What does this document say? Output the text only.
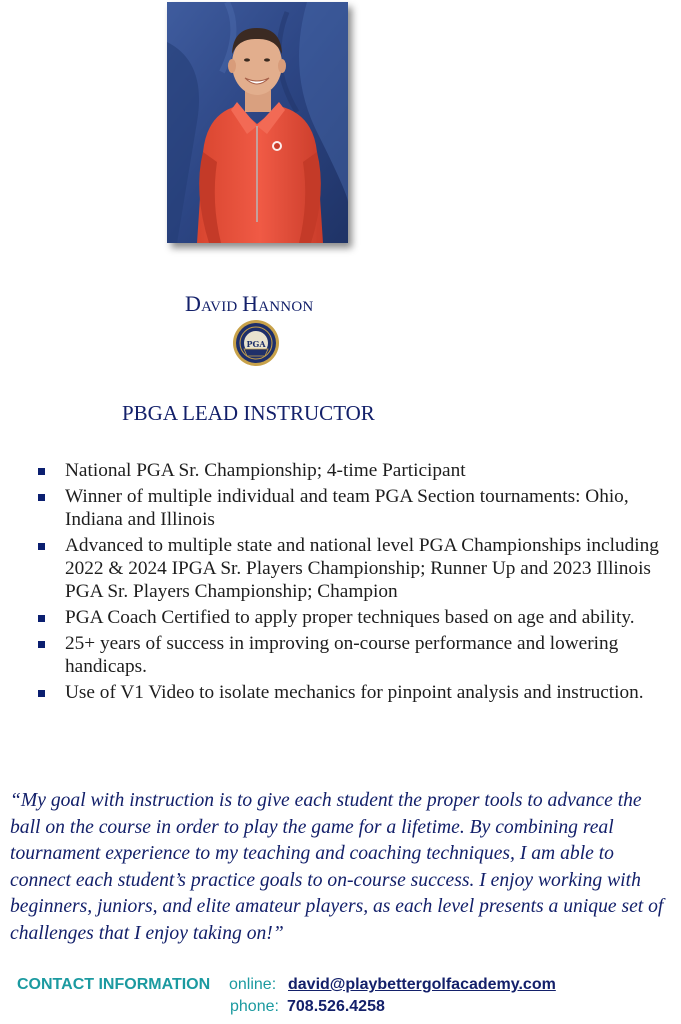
David Hannon
PGA
PBGA LEAD INSTRUCTOR
National PGA Sr. Championship; 4-time Participant
Winner of multiple individual and team PGA Section tournaments: Ohio, Indiana and Illinois
Advanced to multiple state and national level PGA Championships including 2022 & 2024 IPGA Sr. Players Championship; Runner Up and 2023 Illinois PGA Sr. Players Championship; Champion
PGA Coach Certified to apply proper techniques based on age and ability.
25+ years of success in improving on-course performance and lowering handicaps.
Use of V1 Video to isolate mechanics for pinpoint analysis and instruction.

“My goal with instruction is to give each student the proper tools to advance the ball on the course in order to play the game for a lifetime. By combining real tournament experience to my teaching and coaching techniques, I am able to connect each student’s practice goals to on-course success. I enjoy working with beginners, juniors, and elite amateur players, as each level presents a unique set of challenges that I enjoy taking on!”

CONTACT INFORMATION online: david@playbettergolfacademy.com
phone: 708.526.4258
